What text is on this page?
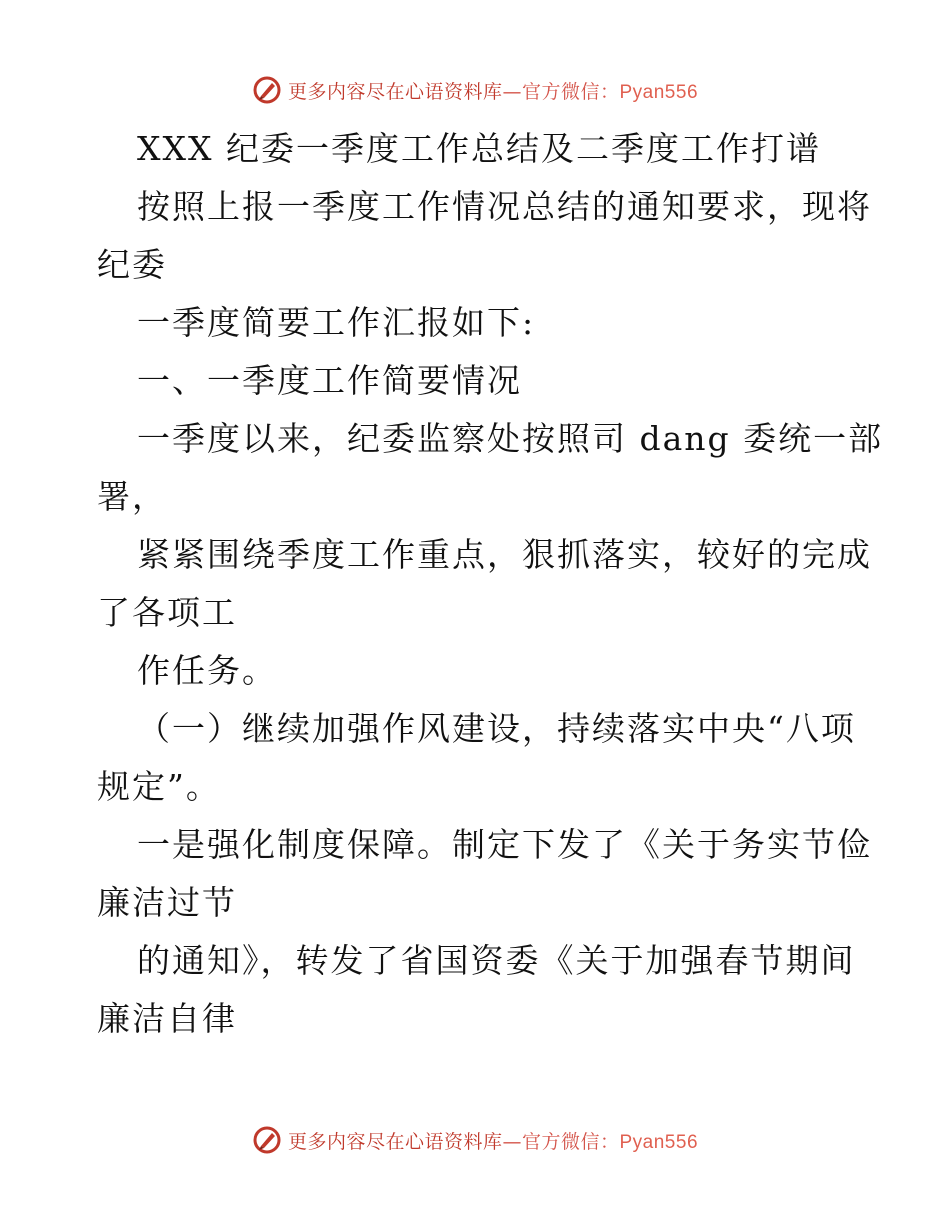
更多内容尽在心语资料库—官方微信：Pyan556
XXX 纪委一季度工作总结及二季度工作打谱
按照上报一季度工作情况总结的通知要求，现将
纪委
一季度简要工作汇报如下:
一、一季度工作简要情况
一季度以来，纪委监察处按照司 dang 委统一部
署，
紧紧围绕季度工作重点，狠抓落实，较好的完成
了各项工
作任务。
（一）继续加强作风建设，持续落实中央“八项
规定”。
一是强化制度保障。制定下发了《关于务实节俭
廉洁过节
的通知》，转发了省国资委《关于加强春节期间
廉洁自律
更多内容尽在心语资料库—官方微信：Pyan556
